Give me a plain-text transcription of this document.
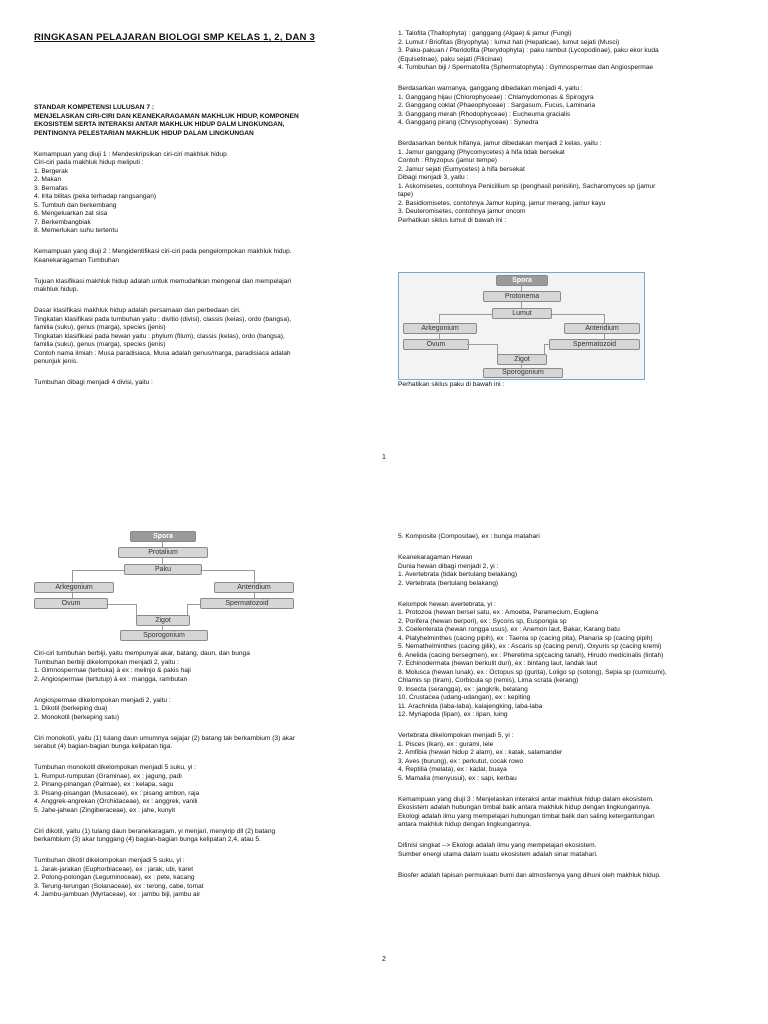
RINGKASAN PELAJARAN BIOLOGI SMP KELAS 1, 2, DAN 3
STANDAR KOMPETENSI LULUSAN 7 :
MENJELASKAN CIRI-CIRI DAN KEANEKARAGAMAN MAKHLUK HIDUP, KOMPONEN
EKOSISTEM SERTA INTERAKSI ANTAR MAKHLUK HIDUP DALM LINGKUNGAN,
PENTINGNYA PELESTARIAN MAKHLUK HIDUP DALAM LINGKUNGAN
Kemampuan yang diuji 1 : Mendeskripsikan ciri-ciri makhluk hidup
Ciri-ciri pada makhluk hidup meliputi :
1. Bergerak
2. Makan
3. Bernafas
4. Irita bilitas (peka terhadap rangsangan)
5. Tumbuh dan berkembang
6. Mengeluarkan zat sisa
7. Berkembangbiak
8. Memerlukan suhu tertentu
Kemampuan yang diuji 2 : Mengidentifikasi ciri-ciri pada pengelompokan makhluk hidup.
Keanekaragaman Tumbuhan
Tujuan klasifikasi makhluk hidup adalah untuk memudahkan mengenal dan mempelajari
makhluk hidup.
Dasar klasifikasi makhluk hidup adalah persamaan dan perbedaan ciri.
Tingkatan klasifikasi pada tumbuhan yaitu : divitio (divisi), classis (kelas), ordo (bangsa),
familia (suku), genus (marga), species (jenis)
Tingkatan klasifikasi pada hewan yaitu : phylum (filum), classis (kelas), ordo (bangsa),
familia (suku), genus (marga), species (jenis)
Contoh nama ilmiah : Musa paradisiaca, Musa adalah genus/marga, paradisiaca adalah
penunjuk jenis.
Tumbuhan dibagi menjadi 4 divisi, yaitu :
1. Talofita (Thallophyta) : ganggang (Algae) & jamur (Fungi)
2. Lumut / Briofitas (Bryophyta) : lumut hati (Hepaticae), lumut sejati (Musci)
3. Paku-pakuan / Pteridofita (Pterydophyta) : paku rambut (Lycopodinae), paku ekor kuda
(Equisetinae), paku sejati (Filicinae)
4. Tumbuhan biji / Spermatofita (Sphermatophyta) : Gymnospermae dan Angiospermae
Berdasarkan warnanya, ganggang dibedakan menjadi 4, yaitu :
1. Ganggang hijau (Chlorophyceae) : Chlamydomonas & Spirogyra
2. Ganggang coklat (Phaeophyceae) : Sargasum, Fucus, Laminaria
3. Ganggang merah (Rhodophyceae) : Eucheuma gracialis
4. Ganggang pirang (Chrysophyceae) : Synedra
Berdasarkan bentuk hifanya, jamur dibedakan menjadi 2 kelas, yaitu :
1. Jamur ganggang (Phycomycetes) à hifa tidak bersekat
Contoh : Rhyzopus (jamur tempe)
2. Jamur sejati (Eumycetes) à hifa bersekat
Dibagi menjadi 3, yaitu :
1. Askomisetes, contohnya Penicillium sp (penghasil penisilin), Sacharomyces sp (jamur
tape)
2. Basidiomisetes, contohnya Jamur kuping, jamur merang, jamur kayu
3. Deuteromisetes, contohnya jamur oncom
Perhatikan siklus lumut di bawah ini :
Spora
Protonema
Lumut
Arkegonium	Anteridium
Ovum	Spermatozoid
Zigot
Sporogonium
Perhatikan siklus paku di bawah ini :
1
Spora
Protalium
Paku
Arkegonium	Anteridium
Ovum	Spermatozoid
Zigot
Sporogonium
Ciri-ciri tumbuhan berbiji, yaitu mempunyai akar, batang, daun, dan bunga
Tumbuhan berbiji dikelompokan menjadi 2, yaitu :
1. Gimnospermae (terbuka) à ex : melinjo & pakis haji
2. Angiospermae (tertutup) à ex : mangga, rambutan
Angiospermae dikelompokan menjadi 2, yaitu :
1. Dikotil (berkeping dua)
2. Monokotil (berkeping satu)
Ciri monokotil, yaitu (1) tulang daun umumnya sejajar (2) batang tak berkambium (3) akar
serabut (4) bagian-bagian bunga kelipatan tiga.
Tumbuhan monokotil dikelompokan menjadi 5 suku, yi :
1. Rumput-rumputan (Graminae), ex : jagung, padi
2. Pinang-pinangan (Palmae), ex : kelapa, sagu
3. Pisang-pisangan (Musaceae), ex : pisang ambon, raja
4. Anggrek-angrekan (Orchidaceae), ex : anggrek, vanili
5. Jahe-jahean (Zingiberaceae), ex : jahe, kunyit
Ciri dikotil, yaitu (1) tulang daun beranekaragam, yi menjari, menyirip dll (2) batang
berkambium (3) akar tunggang (4) bagian-bagian bunga kelipatan 2,4, atau 5.
Tumbuhan dikotil dikelompokan menjadi 5 suku, yi :
1. Jarak-jarakan (Euphorbiaceae), ex : jarak, ubi, karet
2. Polong-polongan (Leguminoceae), ex : pete, kacang
3. Terung-terungan (Solanaceae), ex : terong, cabe, tomat
4. Jambu-jambuan (Myrtaceae), ex : jambu biji, jambu air
5. Komposite (Compositae), ex : bunga matahari
Keanekaragaman Hewan
Dunia hewan dibagi menjadi 2, yi :
1. Avertebrata (tidak bertulang belakang)
2. Vertebrata (bertulang belakang)
Kelompok hewan avertebrata, yi :
1. Protozoa (hewan bersel satu, ex : Amoeba, Paramecium, Euglena
2. Porifera (hewan berpori), ex : Sycons sp, Euspongia sp
3. Coelenterata (hewan rongga usus), ex : Anemon laut, Bakar, Karang batu
4. Platyhelminthes (cacing pipih), ex : Taenia sp (cacing pita), Planaria sp (cacing pipih)
5. Nemathelminthes (cacing gilik), ex : Ascaris sp (cacing perut), Oxyuris sp (cacing kremi)
6. Anelida (cacing bersegmen), ex : Pheretima sp(cacing tanah), Hirudo medicinalis (lintah)
7. Echinodermata (hewan berkulit duri), ex : bintang laut, landak laut
8. Molusca (hewan lunak), ex : Octopus sp (gurita), Loligo sp (sotong), Sepia sp (cumicumi),
Chlamis sp (tiram), Corbicula sp (remis), Lima scrata (kerang)
9. Insecta (serangga), ex : jangkrik, belalang
10. Crustacea (udang-udangan), ex : kepiting
11. Arachnida (laba-laba), kalajengking, laba-laba
12. Myriapoda (lipan), ex : lipan, luing
Vertebrata dikelompokan menjadi 5, yi :
1. Pisces (ikan), ex : gurami, lele
2. Amfibia (hewan hidup 2 alam), ex : katak, salamander
3. Aves (burung), ex : perkutut, cocak rowo
4. Reptilia (melata), ex : kadal, buaya
5. Mamalia (menyusui), ex : sapi, kerbau
Kemampuan yang diuji 3 : Menjelaskan interaksi antar makhluk hidup dalam ekosistem.
Ekosistem adalah hubungan timbal balik antara makhluk hidup dengan lingkungannya.
Ekologi adalah ilmu yang mempelajari hubungan timbal balik dan saling ketergantungan
antara makhluk hidup dengan lingkungannya.
Difinisi singkat --> Ekologi adalah ilmu yang mempelajari ekosistem.
Sumber energi utama dalam suatu ekosistem adalah sinar matahari.
Biosfer adalah lapisan permukaan bumi dan atmosfernya yang dihuni oleh makhluk hidup.
2
